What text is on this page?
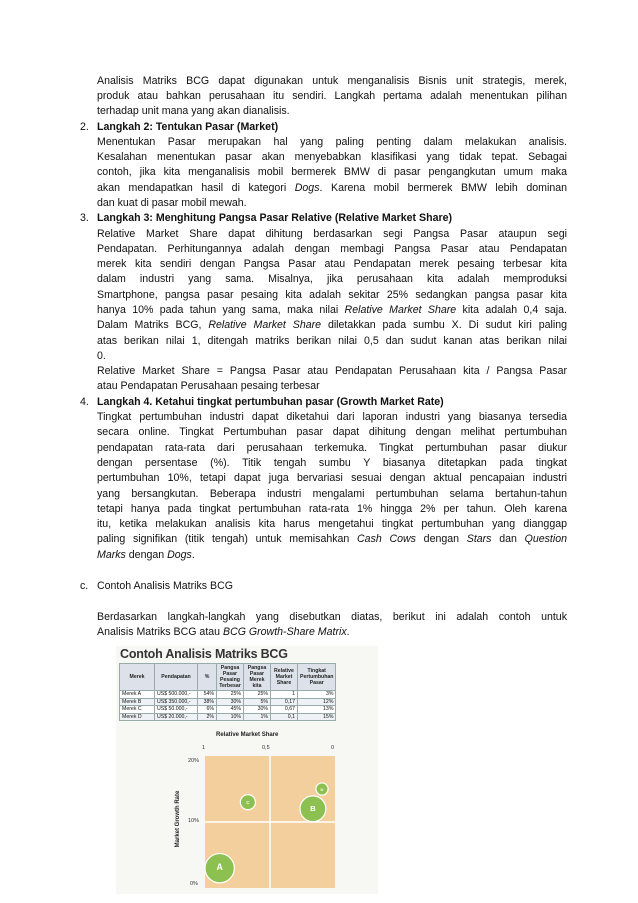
Analisis Matriks BCG dapat digunakan untuk menganalisis Bisnis unit strategis, merek,
produk atau bahkan perusahaan itu sendiri. Langkah pertama adalah menentukan pilihan
terhadap unit mana yang akan dianalisis.
2. Langkah 2: Tentukan Pasar (Market)
Menentukan Pasar merupakan hal yang paling penting dalam melakukan analisis.
Kesalahan menentukan pasar akan menyebabkan klasifikasi yang tidak tepat. Sebagai
contoh, jika kita menganalisis mobil bermerek BMW di pasar pengangkutan umum maka
akan mendapatkan hasil di kategori Dogs. Karena mobil bermerek BMW lebih dominan
dan kuat di pasar mobil mewah.
3. Langkah 3: Menghitung Pangsa Pasar Relative (Relative Market Share)
Relative Market Share dapat dihitung berdasarkan segi Pangsa Pasar ataupun segi
Pendapatan. Perhitungannya adalah dengan membagi Pangsa Pasar atau Pendapatan
merek kita sendiri dengan Pangsa Pasar atau Pendapatan merek pesaing terbesar kita
dalam industri yang sama. Misalnya, jika perusahaan kita adalah memproduksi
Smartphone, pangsa pasar pesaing kita adalah sekitar 25% sedangkan pangsa pasar kita
hanya 10% pada tahun yang sama, maka nilai Relative Market Share kita adalah 0,4 saja.
Dalam Matriks BCG, Relative Market Share diletakkan pada sumbu X. Di sudut kiri paling
atas berikan nilai 1, ditengah matriks berikan nilai 0,5 dan sudut kanan atas berikan nilai
0.
Relative Market Share = Pangsa Pasar atau Pendapatan Perusahaan kita / Pangsa Pasar
atau Pendapatan Perusahaan pesaing terbesar
4. Langkah 4. Ketahui tingkat pertumbuhan pasar (Growth Market Rate)
Tingkat pertumbuhan industri dapat diketahui dari laporan industri yang biasanya tersedia
secara online. Tingkat Pertumbuhan pasar dapat dihitung dengan melihat pertumbuhan
pendapatan rata-rata dari perusahaan terkemuka. Tingkat pertumbuhan pasar diukur
dengan persentase (%). Titik tengah sumbu Y biasanya ditetapkan pada tingkat
pertumbuhan 10%, tetapi dapat juga bervariasi sesuai dengan aktual pencapaian industri
yang bersangkutan. Beberapa industri mengalami pertumbuhan selama bertahun-tahun
tetapi hanya pada tingkat pertumbuhan rata-rata 1% hingga 2% per tahun. Oleh karena
itu, ketika melakukan analisis kita harus mengetahui tingkat pertumbuhan yang dianggap
paling signifikan (titik tengah) untuk memisahkan Cash Cows dengan Stars dan Question
Marks dengan Dogs.
c. Contoh Analisis Matriks BCG
Berdasarkan langkah-langkah yang disebutkan diatas, berikut ini adalah contoh untuk
Analisis Matriks BCG atau BCG Growth-Share Matrix.
Contoh Analisis Matriks BCG
Merek	Pendapatan	%	Pangsa Pasar Pesaing Terbesar	Pangsa Pasar Merek kita	Relative Market Share	Tingkat Pertumbuhan Pasar
Merek A	US$ 500.000,-	54%	25%	25%	1	3%
Merek B	US$ 350.000,-	38%	30%	5%	0,17	12%
Merek C	US$ 50.000,-	6%	45%	30%	0,67	13%
Merek D	US$ 20.000,-	2%	10%	1%	0,1	15%
Relative Market Share
1	0,5	0
20%
10%
0%
Market Growth Rate
A
B
C
D
